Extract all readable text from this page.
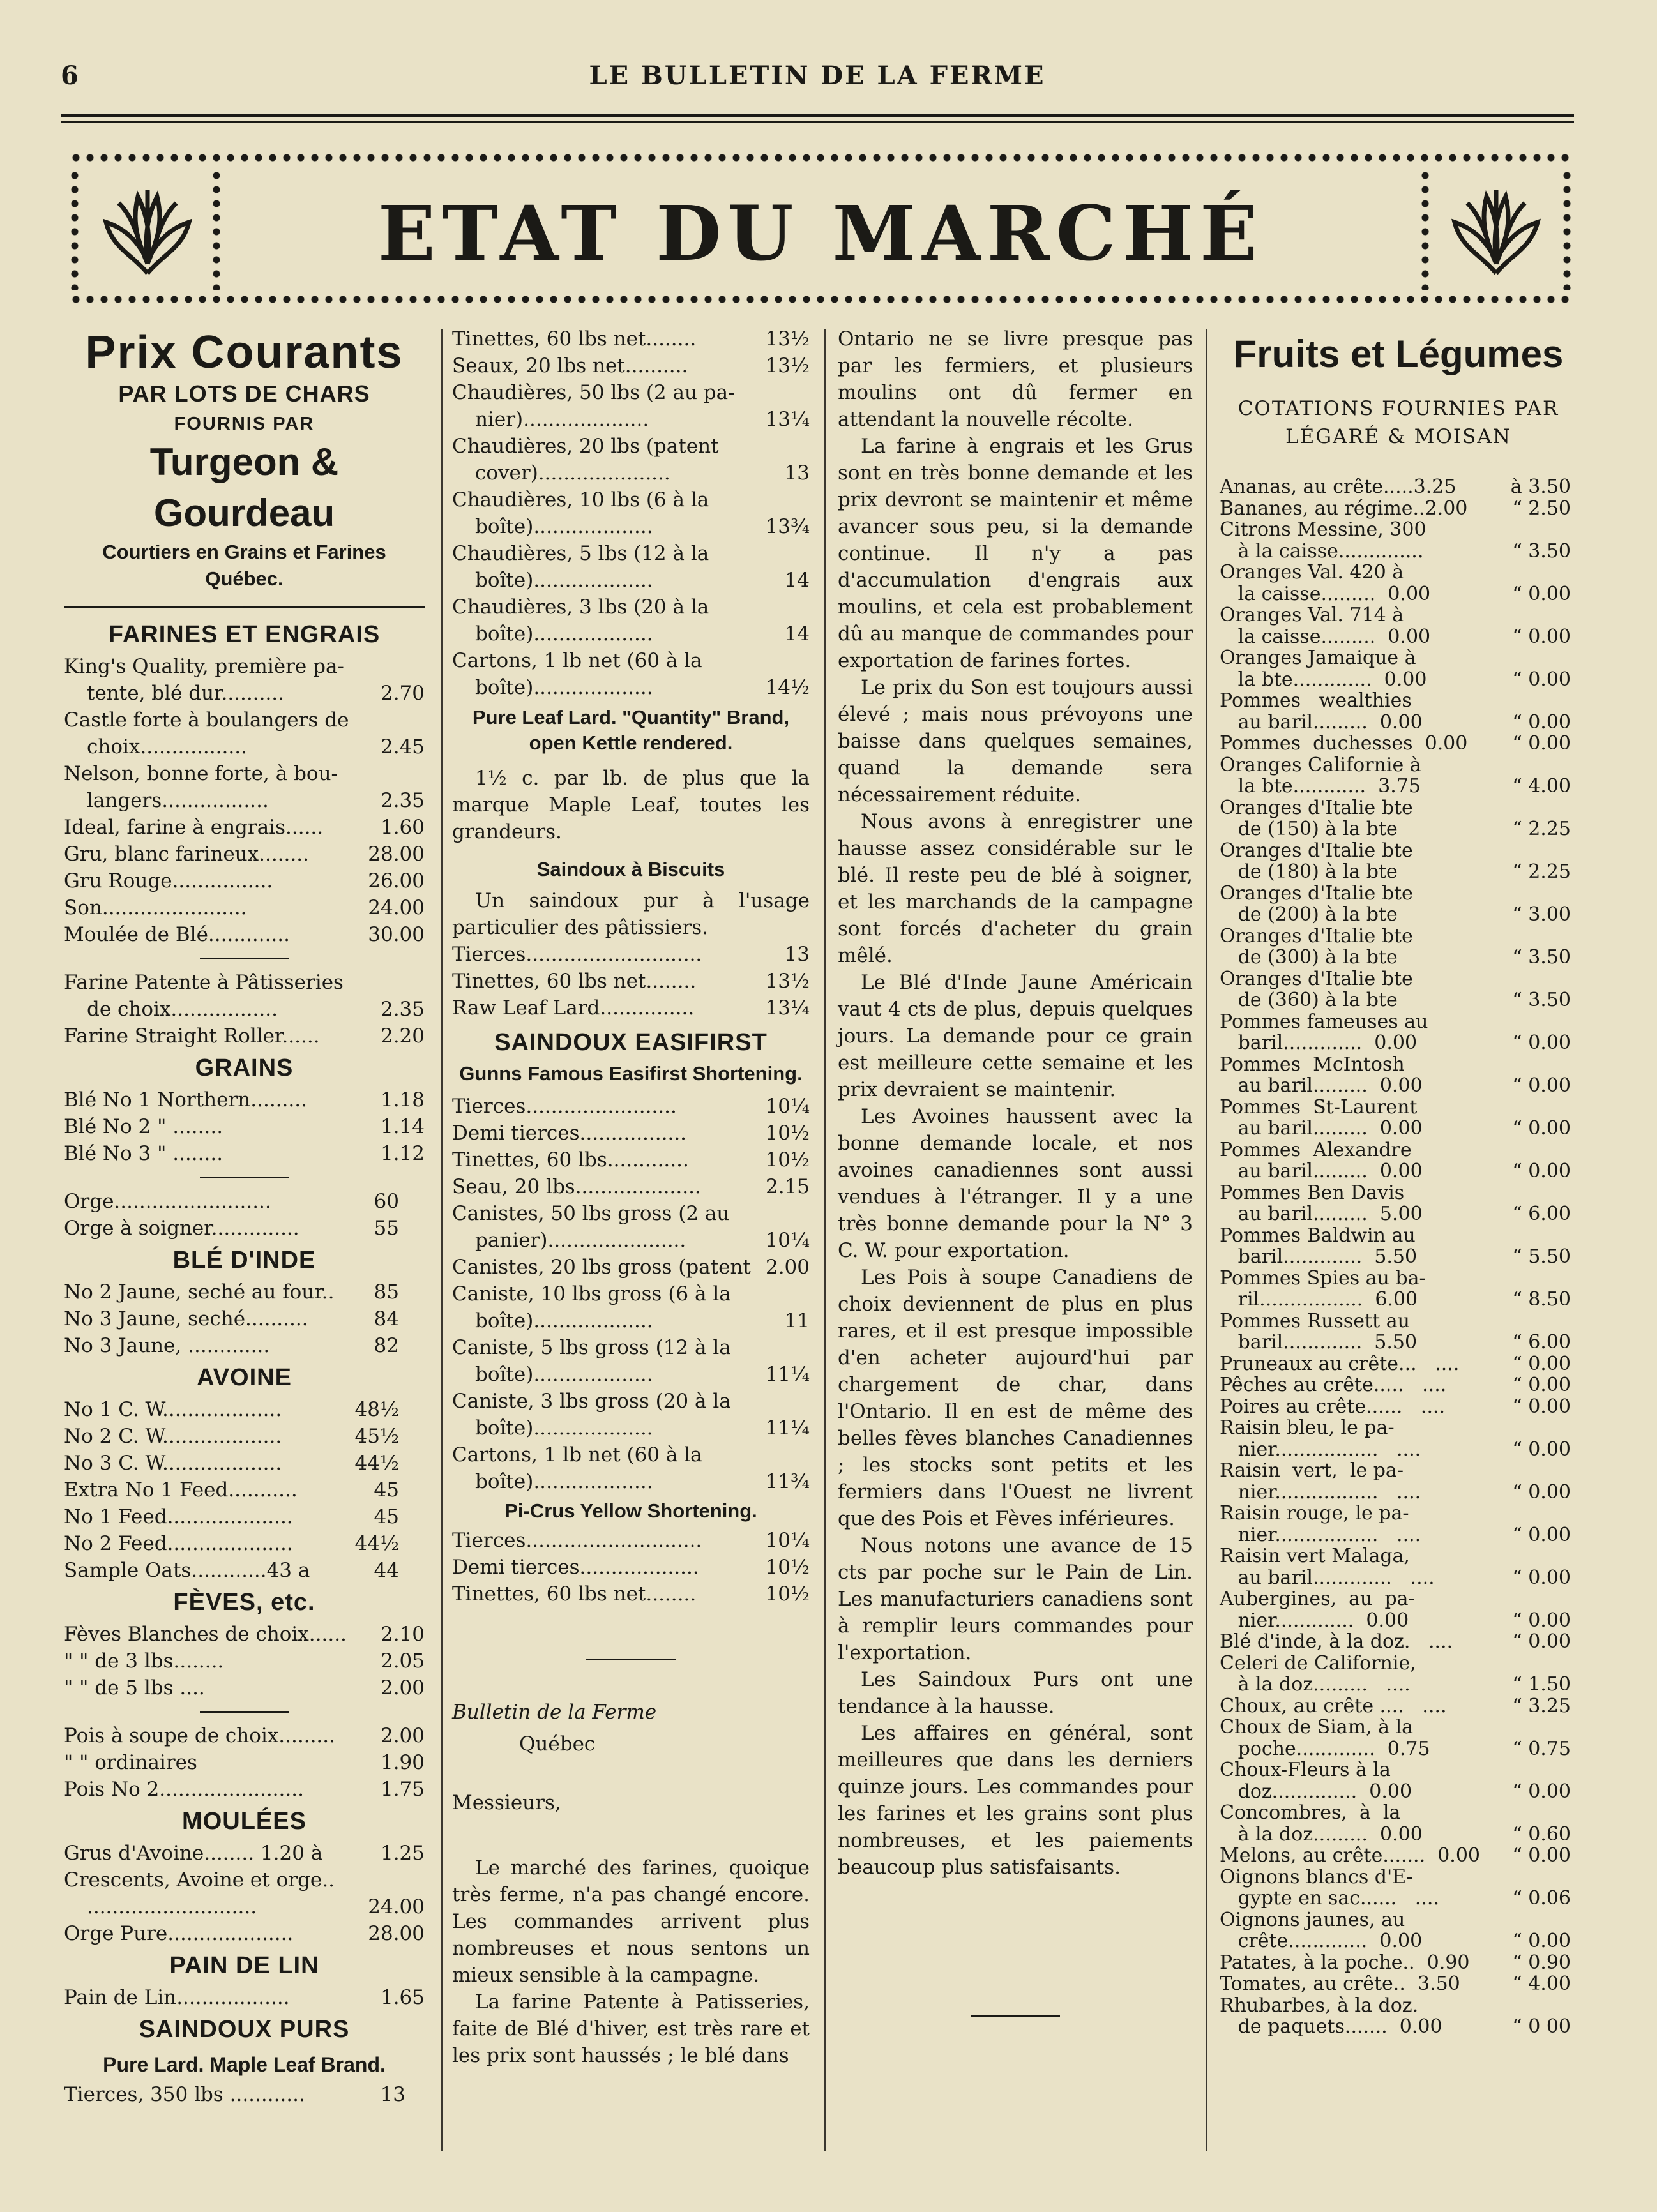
6	LE BULLETIN DE LA FERME
ETAT DU MARCHÉ
Prix Courants
PAR LOTS DE CHARS
FOURNIS PAR
Turgeon & Gourdeau
Courtiers en Grains et Farines
Québec.
FARINES ET ENGRAIS
King's Quality, première pa-
tente, blé dur..........	2.70
Castle forte à boulangers de
choix.................	2.45
Nelson, bonne forte, à bou-
langers.................	2.35
Ideal, farine à engrais......	1.60
Gru, blanc farineux........	28.00
Gru Rouge................	26.00
Son.......................	24.00
Moulée de Blé.............	30.00
Farine Patente à Pâtisseries
de choix.................	2.35
Farine Straight Roller......	2.20
GRAINS
Blé No 1 Northern.........	1.18
Blé No 2 " ........	1.14
Blé No 3 " ........	1.12
Orge.........................	60
Orge à soigner..............	55
BLÉ D'INDE
No 2 Jaune, seché au four.. 85
No 3 Jaune, seché..........	84
No 3 Jaune, .............	82
AVOINE
No 1 C. W...................	48½
No 2 C. W...................	45½
No 3 C. W...................	44½
Extra No 1 Feed...........	45
No 1 Feed....................	45
No 2 Feed....................	44½
Sample Oats............43 a	44
FÈVES, etc.
Fèves Blanches de choix...... 2.10
" " de 3 lbs........	2.05
" " de 5 lbs ....	2.00
Pois à soupe de choix......... 2.00
" " ordinaires	1.90
Pois No 2.......................	1.75
MOULÉES
Grus d'Avoine........ 1.20 à	1.25
Crescents, Avoine et orge..
...........................	24.00
Orge Pure....................	28.00
PAIN DE LIN
Pain de Lin..................	1.65
SAINDOUX PURS
Pure Lard. Maple Leaf Brand.
Tierces, 350 lbs ............	13
Tinettes, 60 lbs net........	13½
Seaux, 20 lbs net..........	13½
Chaudières, 50 lbs (2 au pa-
nier)....................	13¼
Chaudières, 20 lbs (patent
cover).....................	13
Chaudières, 10 lbs (6 à la
boîte)...................	13¾
Chaudières, 5 lbs (12 à la
boîte)...................	14
Chaudières, 3 lbs (20 à la
boîte)...................	14
Cartons, 1 lb net (60 à la
boîte)...................	14½
Pure Leaf Lard. "Quantity" Brand, open Kettle rendered.
1½ c. par lb. de plus que la marque Maple Leaf, toutes les grandeurs.
Saindoux à Biscuits
Un saindoux pur à l'usage particulier des pâtissiers.
Tierces............................	13
Tinettes, 60 lbs net........	13½
Raw Leaf Lard...............	13¼
SAINDOUX EASIFIRST
Gunns Famous Easifirst Shortening.
Tierces........................	10¼
Demi tierces.................	10½
Tinettes, 60 lbs.............	10½
Seau, 20 lbs....................	2.15
Canistes, 50 lbs gross (2 au
panier)......................	10¼
Canistes, 20 lbs gross (patent 2.00
Caniste, 10 lbs gross (6 à la
boîte)...................	11
Caniste, 5 lbs gross (12 à la
boîte)...................	11¼
Caniste, 3 lbs gross (20 à la
boîte)...................	11¼
Cartons, 1 lb net (60 à la
boîte)...................	11¾
Pi-Crus Yellow Shortening.
Tierces............................	10¼
Demi tierces...................	10½
Tinettes, 60 lbs net........	10½
Bulletin de la Ferme
Québec
Messieurs,
Le marché des farines, quoique très ferme, n'a pas changé encore. Les commandes arrivent plus nombreuses et nous sentons un mieux sensible à la campagne.
La farine Patente à Patisseries, faite de Blé d'hiver, est très rare et les prix sont haussés ; le blé dans
Ontario ne se livre presque pas par les fermiers, et plusieurs moulins ont dû fermer en attendant la nouvelle récolte.
La farine à engrais et les Grus sont en très bonne demande et les prix devront se maintenir et même avancer sous peu, si la demande continue. Il n'y a pas d'accumulation d'engrais aux moulins, et cela est probablement dû au manque de commandes pour exportation de farines fortes.
Le prix du Son est toujours aussi élevé ; mais nous prévoyons une baisse dans quelques semaines, quand la demande sera nécessairement réduite.
Nous avons à enregistrer une hausse assez considérable sur le blé. Il reste peu de blé à soigner, et les marchands de la campagne sont forcés d'acheter du grain mêlé.
Le Blé d'Inde Jaune Américain vaut 4 cts de plus, depuis quelques jours. La demande pour ce grain est meilleure cette semaine et les prix devraient se maintenir.
Les Avoines haussent avec la bonne demande locale, et nos avoines canadiennes sont aussi vendues à l'étranger. Il y a une très bonne demande pour la N° 3 C. W. pour exportation.
Les Pois à soupe Canadiens de choix deviennent de plus en plus rares, et il est presque impossible d'en acheter aujourd'hui par chargement de char, dans l'Ontario. Il en est de même des belles fèves blanches Canadiennes ; les stocks sont petits et les fermiers dans l'Ouest ne livrent que des Pois et Fèves inférieures.
Nous notons une avance de 15 cts par poche sur le Pain de Lin. Les manufacturiers canadiens sont à remplir leurs commandes pour l'exportation.
Les Saindoux Purs ont une tendance à la hausse.
Les affaires en général, sont meilleures que dans les derniers quinze jours. Les commandes pour les farines et les grains sont plus nombreuses, et les paiements beaucoup plus satisfaisants.
Fruits et Légumes
COTATIONS FOURNIES PAR
LÉGARÉ & MOISAN
Ananas, au crête.....3.25	à 3.50
Bananes, au régime..2.00	“ 2.50
Citrons Messine, 300
à la caisse..............	“ 3.50
Oranges Val. 420 à
la caisse.........  0.00	“ 0.00
Oranges Val. 714 à
la caisse.........  0.00	“ 0.00
Oranges Jamaique à
la bte.............  0.00	“ 0.00
Pommes   wealthies
au baril.........  0.00	“ 0.00
Pommes  duchesses  0.00	“ 0.00
Oranges Californie à
la bte............  3.75	“ 4.00
Oranges d'Italie bte
de (150) à la bte	“ 2.25
Oranges d'Italie bte
de (180) à la bte	“ 2.25
Oranges d'Italie bte
de (200) à la bte	“ 3.00
Oranges d'Italie bte
de (300) à la bte	“ 3.50
Oranges d'Italie bte
de (360) à la bte	“ 3.50
Pommes fameuses au
baril.............  0.00	“ 0.00
Pommes  McIntosh
au baril.........  0.00	“ 0.00
Pommes  St-Laurent
au baril.........  0.00	“ 0.00
Pommes  Alexandre
au baril.........  0.00	“ 0.00
Pommes Ben Davis
au baril.........  5.00	“ 6.00
Pommes Baldwin au
baril.............  5.50	“ 5.50
Pommes Spies au ba-
ril.................  6.00	“ 8.50
Pommes Russett au
baril.............  5.50	“ 6.00
Pruneaux au crête...   ....	“ 0.00
Pêches au crête.....   ....	“ 0.00
Poires au crête......   ....	“ 0.00
Raisin bleu, le pa-
nier.................   ....	“ 0.00
Raisin  vert,  le pa-
nier.................   ....	“ 0.00
Raisin rouge, le pa-
nier.................   ....	“ 0.00
Raisin vert Malaga,
au baril.............   ....	“ 0.00
Aubergines,  au  pa-
nier.............  0.00	“ 0.00
Blé d'inde, à la doz.   ....	“ 0.00
Celeri de Californie,
à la doz.........   ....	“ 1.50
Choux, au crête ....   ....	“ 3.25
Choux de Siam, à la
poche.............  0.75	“ 0.75
Choux-Fleurs à la
doz..............  0.00	“ 0.00
Concombres,  à  la
à la doz.........  0.00	“ 0.60
Melons, au crête.......  0.00	“ 0.00
Oignons blancs d'E-
gypte en sac......   ....	“ 0.06
Oignons jaunes, au
crête.............  0.00	“ 0.00
Patates, à la poche..  0.90	“ 0.90
Tomates, au crête..  3.50	“ 4.00
Rhubarbes, à la doz.
de paquets.......  0.00	“ 0 00
